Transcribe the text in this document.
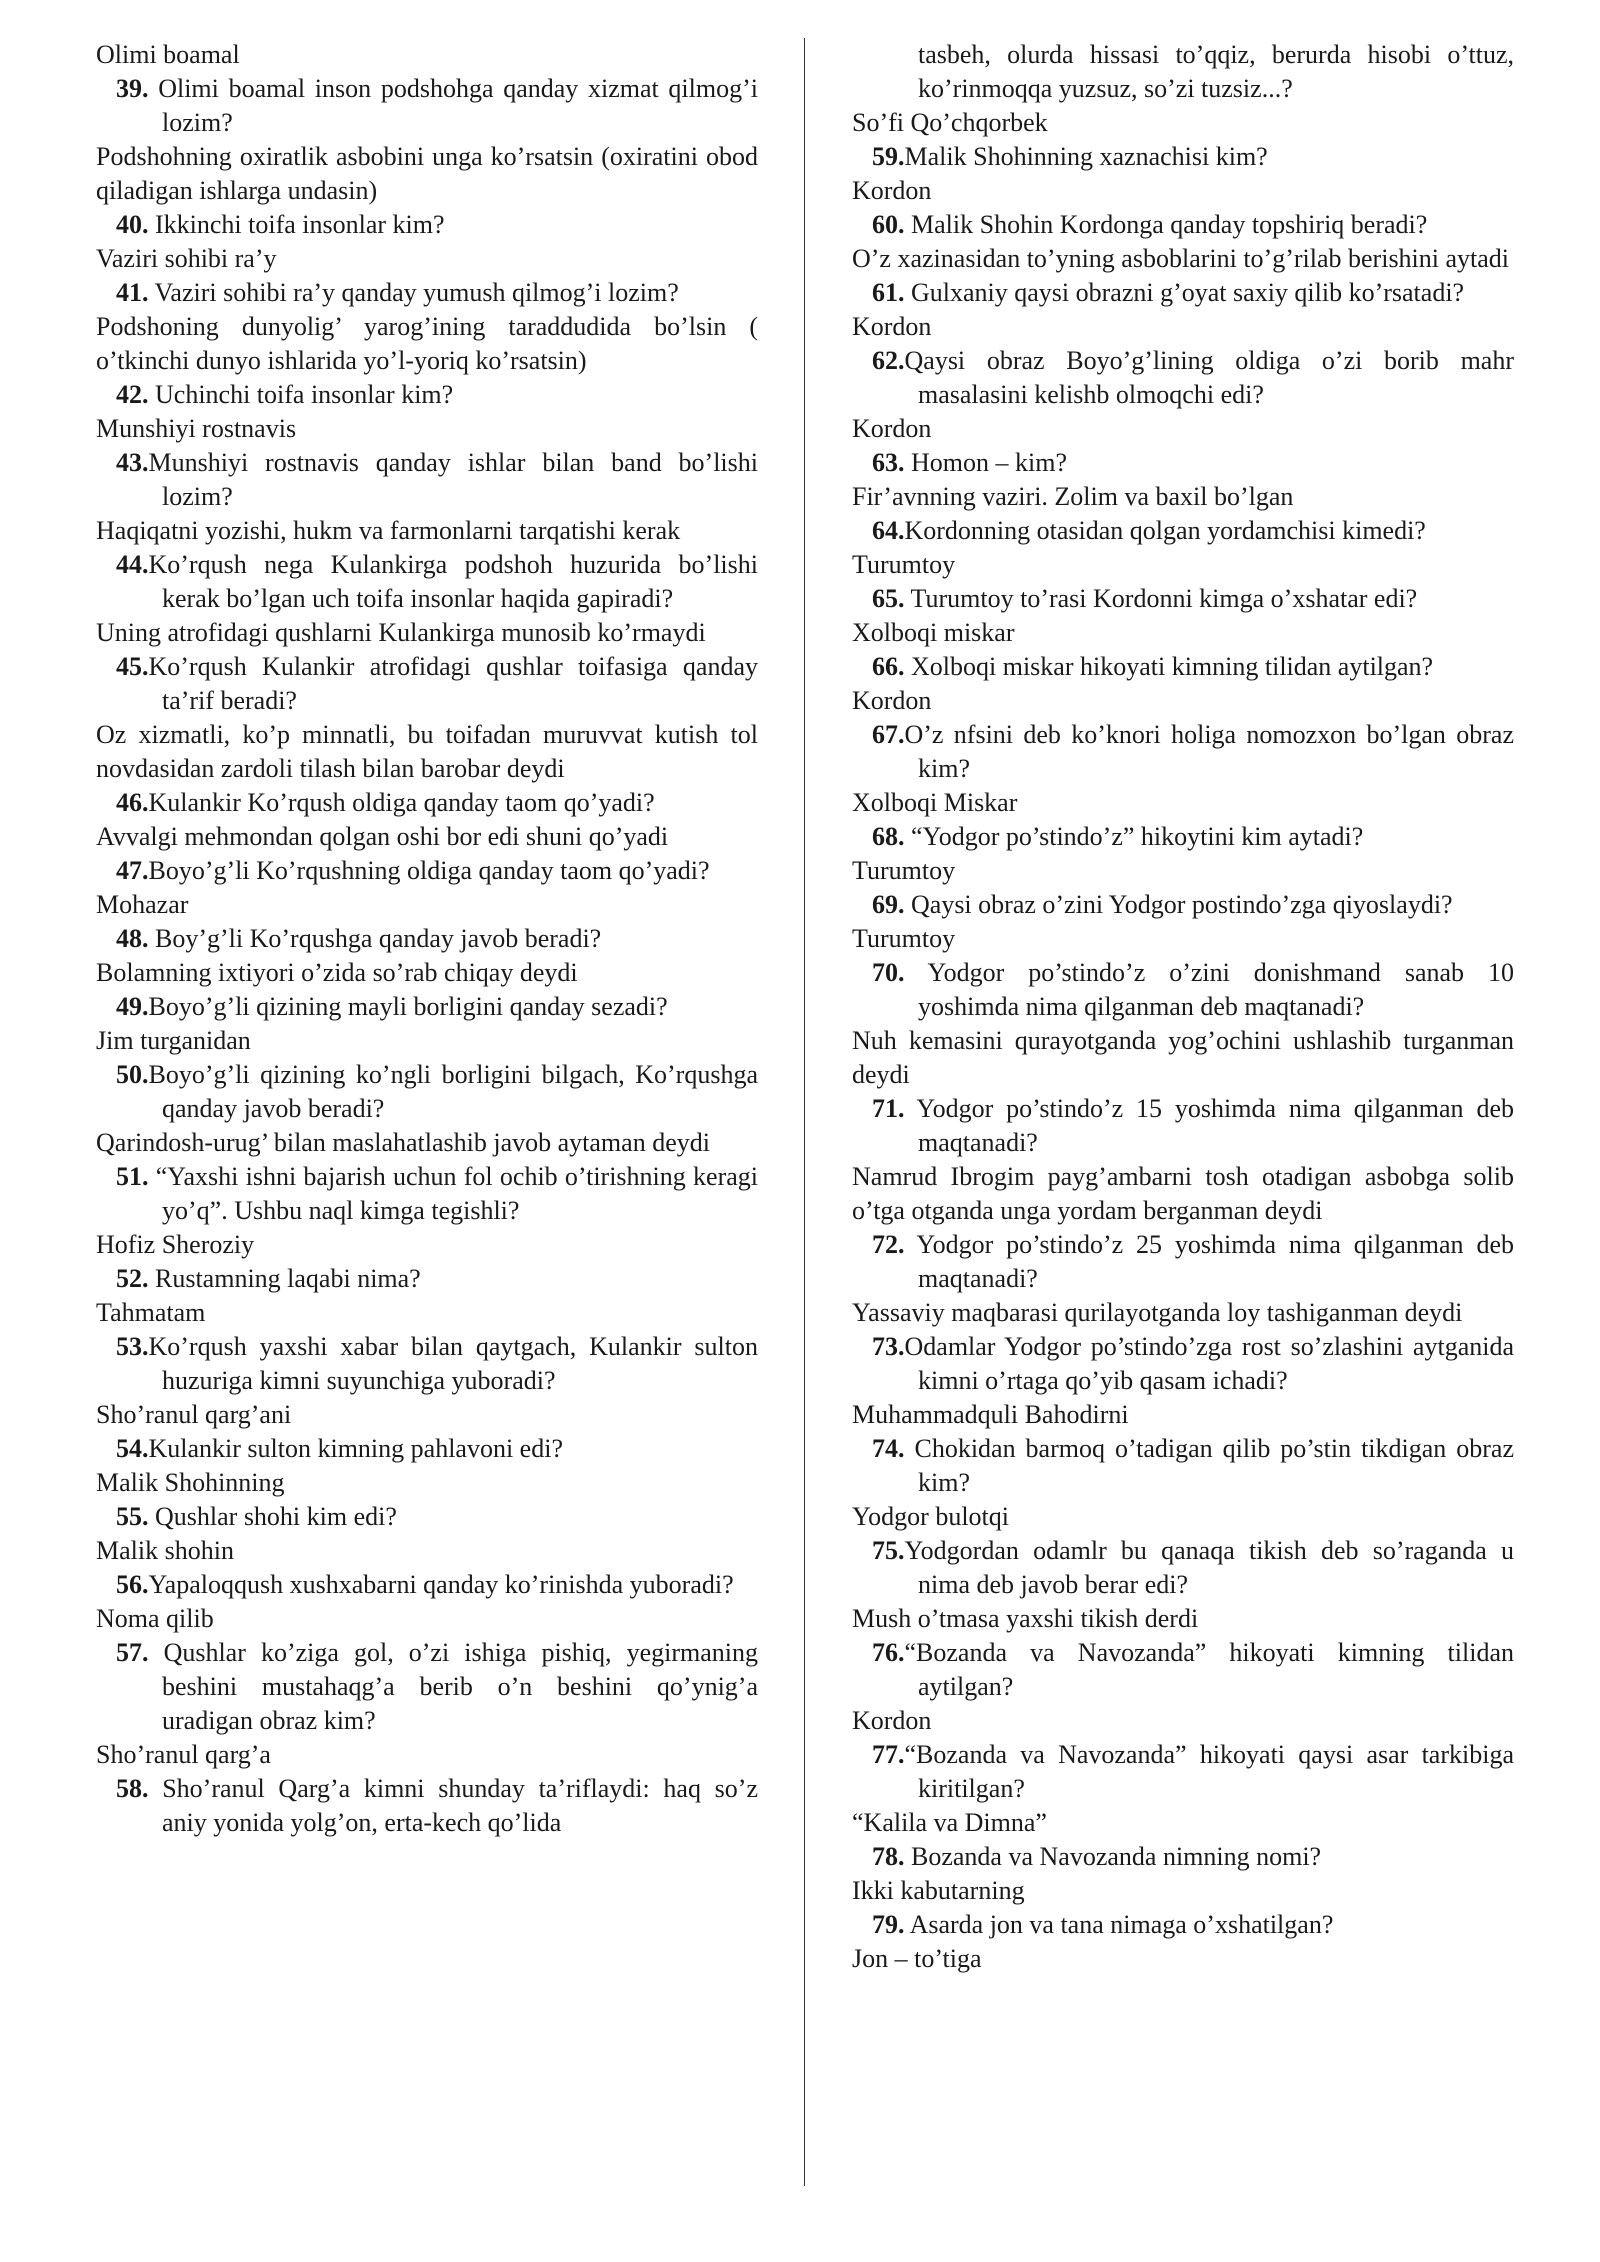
Olimi boamal

39. Olimi boamal inson podshohga qanday xizmat qilmog’i lozim?

Podshohning oxiratlik asbobini unga ko’rsatsin (oxiratini obod qiladigan ishlarga undasin)

40. Ikkinchi toifa insonlar kim?

Vaziri sohibi ra’y

41. Vaziri sohibi ra’y qanday yumush qilmog’i lozim?

Podshoning dunyolig’ yarog’ining taraddudida bo’lsin ( o’tkinchi dunyo ishlarida yo’l-yoriq ko’rsatsin)

42. Uchinchi toifa insonlar kim?

Munshiyi rostnavis

43.Munshiyi rostnavis qanday ishlar bilan band bo’lishi lozim?

Haqiqatni yozishi, hukm va farmonlarni tarqatishi kerak

44.Ko’rqush nega Kulankirga podshoh huzurida bo’lishi kerak bo’lgan uch toifa insonlar haqida gapiradi?

Uning atrofidagi qushlarni Kulankirga munosib ko’rmaydi

45.Ko’rqush Kulankir atrofidagi qushlar toifasiga qanday ta’rif beradi?

Oz xizmatli, ko’p minnatli, bu toifadan muruvvat kutish tol novdasidan zardoli tilash bilan barobar deydi

46.Kulankir Ko’rqush oldiga qanday taom qo’yadi?

Avvalgi mehmondan qolgan oshi bor edi shuni qo’yadi

47.Boyo’g’li Ko’rqushning oldiga qanday taom qo’yadi?

Mohazar

48. Boy’g’li Ko’rqushga qanday javob beradi?

Bolamning ixtiyori o’zida so’rab chiqay deydi

49.Boyo’g’li qizining mayli borligini qanday sezadi?

Jim turganidan

50.Boyo’g’li qizining ko’ngli borligini bilgach, Ko’rqushga qanday javob beradi?

Qarindosh-urug’ bilan maslahatlashib javob aytaman deydi

51. “Yaxshi ishni bajarish uchun fol ochib o’tirishning keragi yo’q”. Ushbu naql kimga tegishli?

Hofiz Sheroziy

52. Rustamning laqabi nima?

Tahmatam

53.Ko’rqush yaxshi xabar bilan qaytgach, Kulankir sulton huzuriga kimni suyunchiga yuboradi?

Sho’ranul qarg’ani

54.Kulankir sulton kimning pahlavoni edi?

Malik Shohinning

55. Qushlar shohi kim edi?

Malik shohin

56.Yapaloqqush xushxabarni qanday ko’rinishda yuboradi?

Noma qilib

57. Qushlar ko’ziga gol, o’zi ishiga pishiq, yegirmaning beshini mustahaqg’a berib o’n beshini qo’ynig’a uradigan obraz kim?

Sho’ranul qarg’a

58. Sho’ranul Qarg’a kimni shunday ta’riflaydi: haq so’z aniy yonida yolg’on, erta-kech qo’lida

tasbeh, olurda hissasi to’qqiz, berurda hisobi o’ttuz, ko’rinmoqqa yuzsuz, so’zi tuzsiz...?

So’fi Qo’chqorbek

59.Malik Shohinning xaznachisi kim?

Kordon

60. Malik Shohin Kordonga qanday topshiriq beradi?

O’z xazinasidan to’yning asboblarini to’g’rilab berishini aytadi

61. Gulxaniy qaysi obrazni g’oyat saxiy qilib ko’rsatadi?

Kordon

62.Qaysi obraz Boyo’g’lining oldiga o’zi borib mahr masalasini kelishb olmoqchi edi?

Kordon

63. Homon – kim?

Fir’avnning vaziri. Zolim va baxil bo’lgan

64.Kordonning otasidan qolgan yordamchisi kimedi?

Turumtoy

65. Turumtoy to’rasi Kordonni kimga o’xshatar edi?

Xolboqi miskar

66. Xolboqi miskar hikoyati kimning tilidan aytilgan?

Kordon

67.O’z nfsini deb ko’knori holiga nomozxon bo’lgan obraz kim?

Xolboqi Miskar

68. “Yodgor po’stindo’z” hikoytini kim aytadi?

Turumtoy

69. Qaysi obraz o’zini Yodgor postindo’zga qiyoslaydi?

Turumtoy

70. Yodgor po’stindo’z o’zini donishmand sanab 10 yoshimda nima qilganman deb maqtanadi?

Nuh kemasini qurayotganda yog’ochini ushlashib turganman deydi

71. Yodgor po’stindo’z 15 yoshimda nima qilganman deb maqtanadi?

Namrud Ibrogim payg’ambarni tosh otadigan asbobga solib o’tga otganda unga yordam berganman deydi

72. Yodgor po’stindo’z 25 yoshimda nima qilganman deb maqtanadi?

Yassaviy maqbarasi qurilayotganda loy tashiganman deydi

73.Odamlar Yodgor po’stindo’zga rost so’zlashini aytganida kimni o’rtaga qo’yib qasam ichadi?

Muhammadquli Bahodirni

74. Chokidan barmoq o’tadigan qilib po’stin tikdigan obraz kim?

Yodgor bulotqi

75.Yodgordan odamlr bu qanaqa tikish deb so’raganda u nima deb javob berar edi?

Mush o’tmasa yaxshi tikish derdi

76.“Bozanda va Navozanda” hikoyati kimning tilidan aytilgan?

Kordon

77.“Bozanda va Navozanda” hikoyati qaysi asar tarkibiga kiritilgan?

“Kalila va Dimna”

78. Bozanda va Navozanda nimning nomi?

Ikki kabutarning

79. Asarda jon va tana nimaga o’xshatilgan?

Jon – to’tiga
